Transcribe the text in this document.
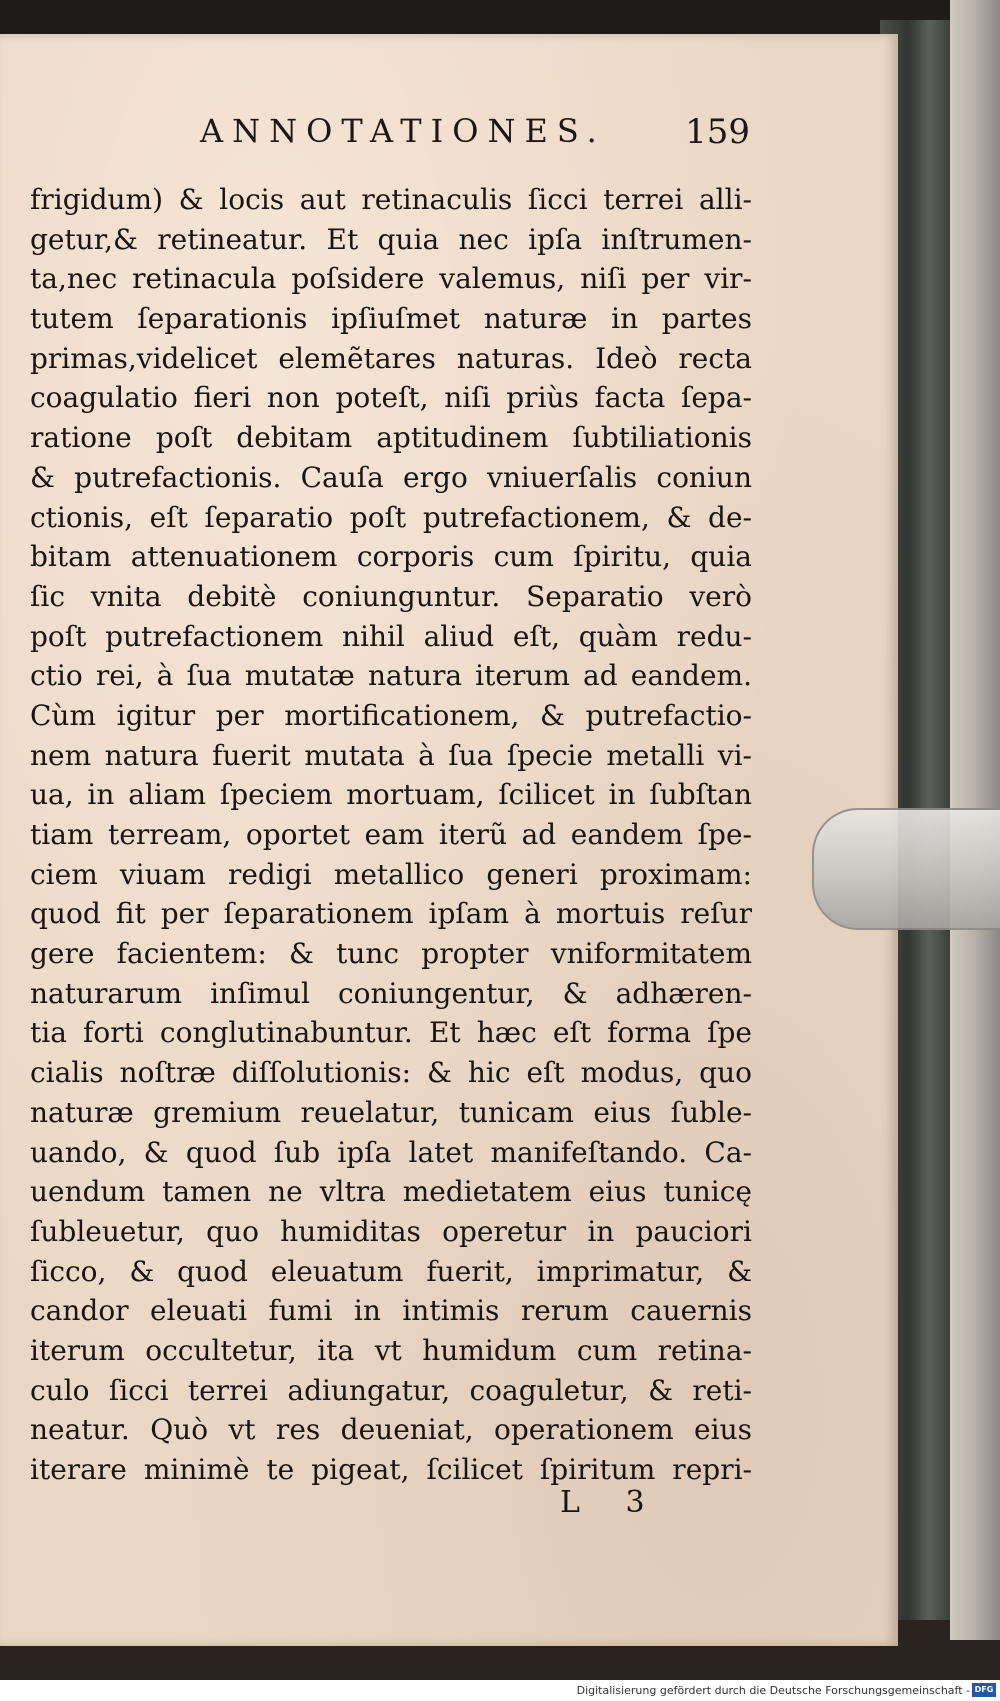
ANNOTATIONES. 159
frigidum) & locis aut retinaculis ſicci terrei alli-
getur,& retineatur. Et quia nec ipſa inſtrumen-
ta,nec retinacula poſsidere valemus, niſi per vir-
tutem ſeparationis ipſiuſmet naturæ in partes
primas,videlicet elemẽtares naturas. Ideò recta
coagulatio fieri non poteſt, niſi priùs facta ſepa-
ratione poſt debitam aptitudinem ſubtiliationis
& putrefactionis. Cauſa ergo vniuerſalis coniun
ctionis, eſt ſeparatio poſt putrefactionem, & de-
bitam attenuationem corporis cum ſpiritu, quia
ſic vnita debitè coniunguntur. Separatio verò
poſt putrefactionem nihil aliud eſt, quàm redu-
ctio rei, à ſua mutatæ natura iterum ad eandem.
Cùm igitur per mortificationem, & putrefactio-
nem natura fuerit mutata à ſua ſpecie metalli vi-
ua, in aliam ſpeciem mortuam, ſcilicet in ſubſtan
tiam terream, oportet eam iterũ ad eandem ſpe-
ciem viuam redigi metallico generi proximam:
quod fit per ſeparationem ipſam à mortuis reſur
gere facientem: & tunc propter vniformitatem
naturarum inſimul coniungentur, & adhæren-
tia forti conglutinabuntur. Et hæc eſt forma ſpe
cialis noſtræ diſſolutionis: & hic eſt modus, quo
naturæ gremium reuelatur, tunicam eius ſuble-
uando, & quod ſub ipſa latet manifeſtando. Ca-
uendum tamen ne vltra medietatem eius tunicę
ſubleuetur, quo humiditas operetur in pauciori
ſicco, & quod eleuatum fuerit, imprimatur, &
candor eleuati fumi in intimis rerum cauernis
iterum occultetur, ita vt humidum cum retina-
culo ſicci terrei adiungatur, coaguletur, & reti-
neatur. Quò vt res deueniat, operationem eius
iterare minimè te pigeat, ſcilicet ſpiritum repri-
L 3
Digitalisierung gefördert durch die Deutsche Forschungsgemeinschaft - DFG
